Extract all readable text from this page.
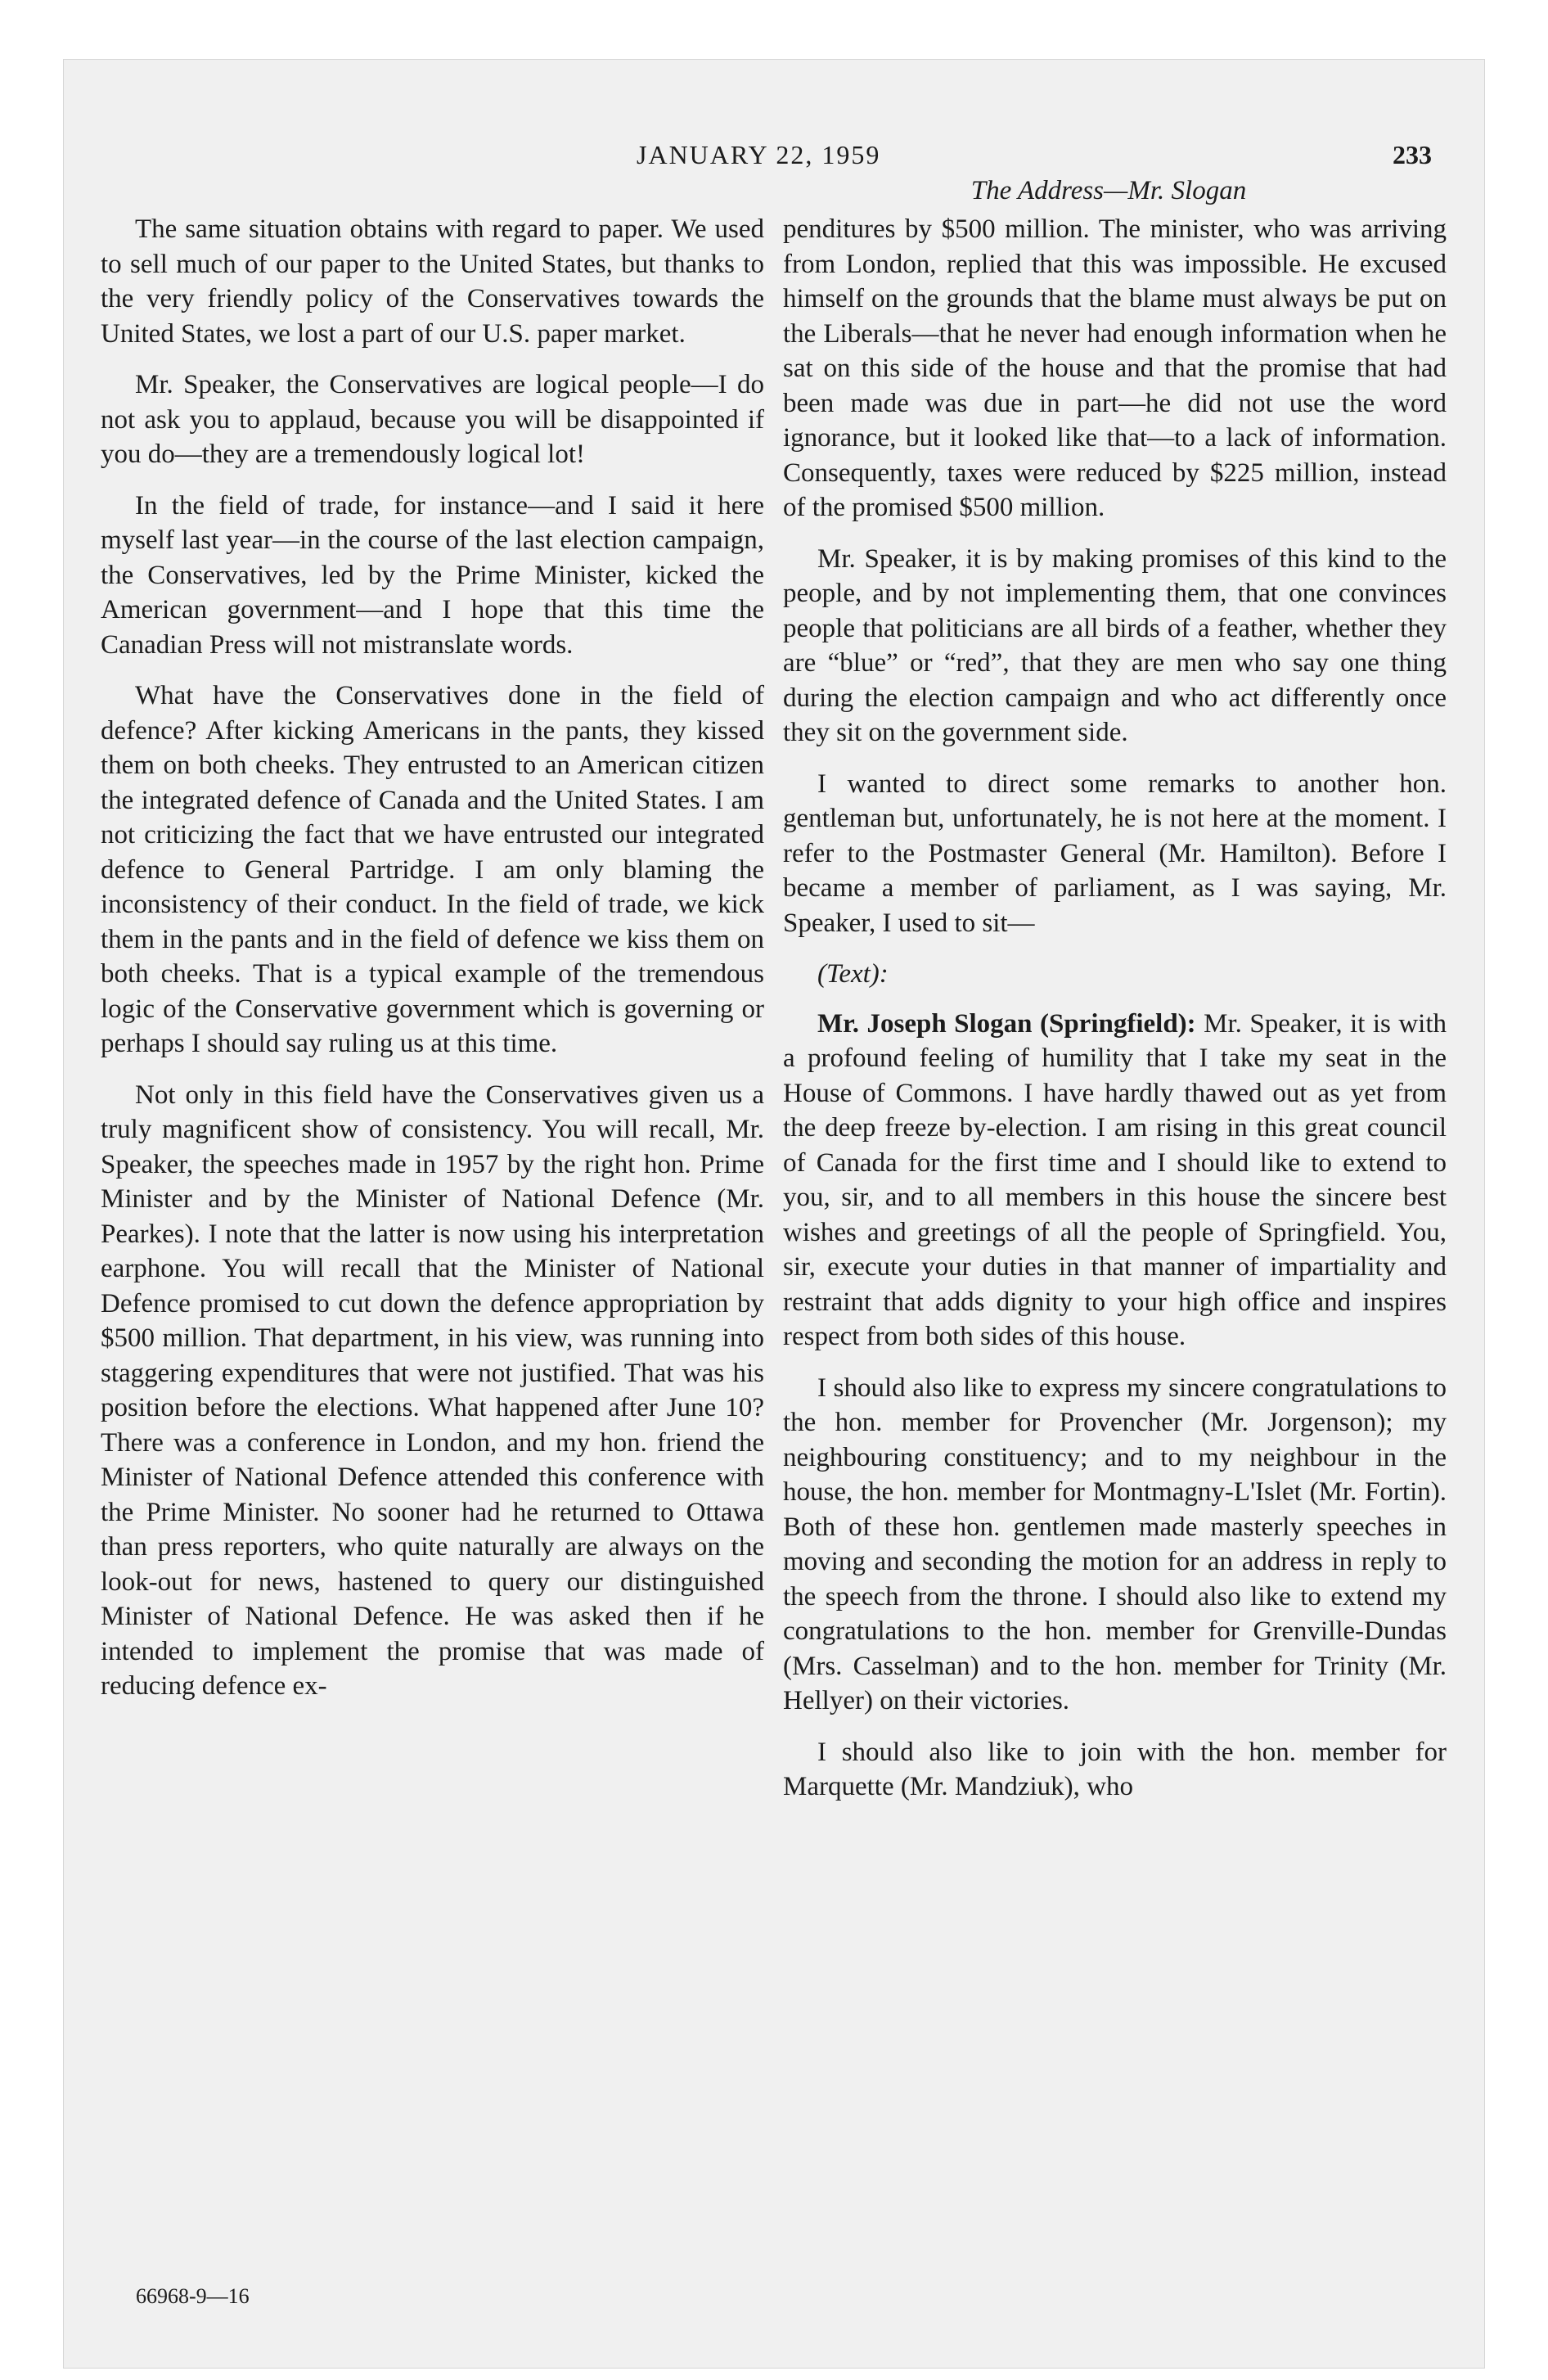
JANUARY 22, 1959	233
The Address—Mr. Slogan

The same situation obtains with regard to paper. We used to sell much of our paper to the United States, but thanks to the very friendly policy of the Conservatives towards the United States, we lost a part of our U.S. paper market.

Mr. Speaker, the Conservatives are logical people—I do not ask you to applaud, because you will be disappointed if you do—they are a tremendously logical lot!

In the field of trade, for instance—and I said it here myself last year—in the course of the last election campaign, the Conservatives, led by the Prime Minister, kicked the American government—and I hope that this time the Canadian Press will not mistranslate words.

What have the Conservatives done in the field of defence? After kicking Americans in the pants, they kissed them on both cheeks. They entrusted to an American citizen the integrated defence of Canada and the United States. I am not criticizing the fact that we have entrusted our integrated defence to General Partridge. I am only blaming the inconsistency of their conduct. In the field of trade, we kick them in the pants and in the field of defence we kiss them on both cheeks. That is a typical example of the tremendous logic of the Conservative government which is governing or perhaps I should say ruling us at this time.

Not only in this field have the Conservatives given us a truly magnificent show of consistency. You will recall, Mr. Speaker, the speeches made in 1957 by the right hon. Prime Minister and by the Minister of National Defence (Mr. Pearkes). I note that the latter is now using his interpretation earphone. You will recall that the Minister of National Defence promised to cut down the defence appropriation by $500 million. That department, in his view, was running into staggering expenditures that were not justified. That was his position before the elections. What happened after June 10? There was a conference in London, and my hon. friend the Minister of National Defence attended this conference with the Prime Minister. No sooner had he returned to Ottawa than press reporters, who quite naturally are always on the look-out for news, hastened to query our distinguished Minister of National Defence. He was asked then if he intended to implement the promise that was made of reducing defence ex-

penditures by $500 million. The minister, who was arriving from London, replied that this was impossible. He excused himself on the grounds that the blame must always be put on the Liberals—that he never had enough information when he sat on this side of the house and that the promise that had been made was due in part—he did not use the word ignorance, but it looked like that—to a lack of information. Consequently, taxes were reduced by $225 million, instead of the promised $500 million.

Mr. Speaker, it is by making promises of this kind to the people, and by not implementing them, that one convinces people that politicians are all birds of a feather, whether they are “blue” or “red”, that they are men who say one thing during the election campaign and who act differently once they sit on the government side.

I wanted to direct some remarks to another hon. gentleman but, unfortunately, he is not here at the moment. I refer to the Postmaster General (Mr. Hamilton). Before I became a member of parliament, as I was saying, Mr. Speaker, I used to sit—

(Text):

Mr. Joseph Slogan (Springfield): Mr. Speaker, it is with a profound feeling of humility that I take my seat in the House of Commons. I have hardly thawed out as yet from the deep freeze by-election. I am rising in this great council of Canada for the first time and I should like to extend to you, sir, and to all members in this house the sincere best wishes and greetings of all the people of Springfield. You, sir, execute your duties in that manner of impartiality and restraint that adds dignity to your high office and inspires respect from both sides of this house.

I should also like to express my sincere congratulations to the hon. member for Provencher (Mr. Jorgenson); my neighbouring constituency; and to my neighbour in the house, the hon. member for Montmagny-L'Islet (Mr. Fortin). Both of these hon. gentlemen made masterly speeches in moving and seconding the motion for an address in reply to the speech from the throne. I should also like to extend my congratulations to the hon. member for Grenville-Dundas (Mrs. Casselman) and to the hon. member for Trinity (Mr. Hellyer) on their victories.

I should also like to join with the hon. member for Marquette (Mr. Mandziuk), who

66968-9—16
